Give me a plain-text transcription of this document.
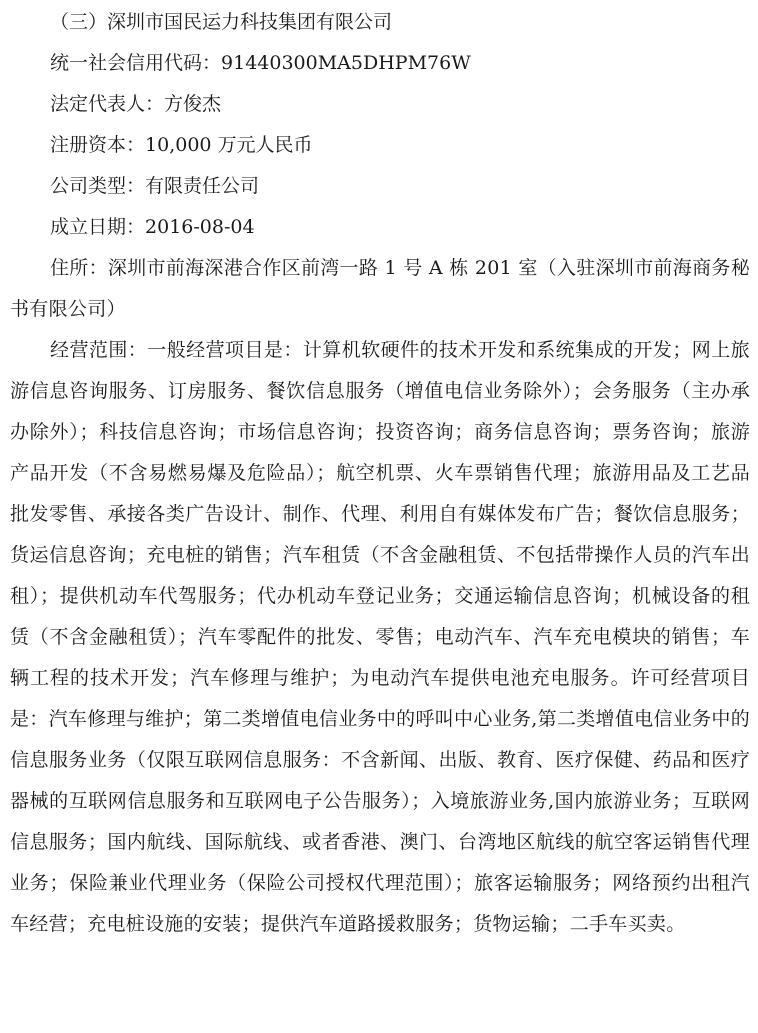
（三）深圳市国民运力科技集团有限公司

统一社会信用代码：91440300MA5DHPM76W

法定代表人：方俊杰

注册资本：10,000 万元人民币

公司类型：有限责任公司

成立日期：2016-08-04

住所：深圳市前海深港合作区前湾一路 1 号 A 栋 201 室（入驻深圳市前海商务秘书有限公司）

经营范围：一般经营项目是：计算机软硬件的技术开发和系统集成的开发；网上旅游信息咨询服务、订房服务、餐饮信息服务（增值电信业务除外）；会务服务（主办承办除外）；科技信息咨询；市场信息咨询；投资咨询；商务信息咨询；票务咨询；旅游产品开发（不含易燃易爆及危险品）；航空机票、火车票销售代理；旅游用品及工艺品批发零售、承接各类广告设计、制作、代理、利用自有媒体发布广告；餐饮信息服务；货运信息咨询；充电桩的销售；汽车租赁（不含金融租赁、不包括带操作人员的汽车出租）；提供机动车代驾服务；代办机动车登记业务；交通运输信息咨询；机械设备的租赁（不含金融租赁）；汽车零配件的批发、零售；电动汽车、汽车充电模块的销售；车辆工程的技术开发；汽车修理与维护；为电动汽车提供电池充电服务。许可经营项目是：汽车修理与维护；第二类增值电信业务中的呼叫中心业务,第二类增值电信业务中的信息服务业务（仅限互联网信息服务：不含新闻、出版、教育、医疗保健、药品和医疗器械的互联网信息服务和互联网电子公告服务）；入境旅游业务,国内旅游业务；互联网信息服务；国内航线、国际航线、或者香港、澳门、台湾地区航线的航空客运销售代理业务；保险兼业代理业务（保险公司授权代理范围）；旅客运输服务；网络预约出租汽车经营；充电桩设施的安装；提供汽车道路援救服务；货物运输；二手车买卖。
